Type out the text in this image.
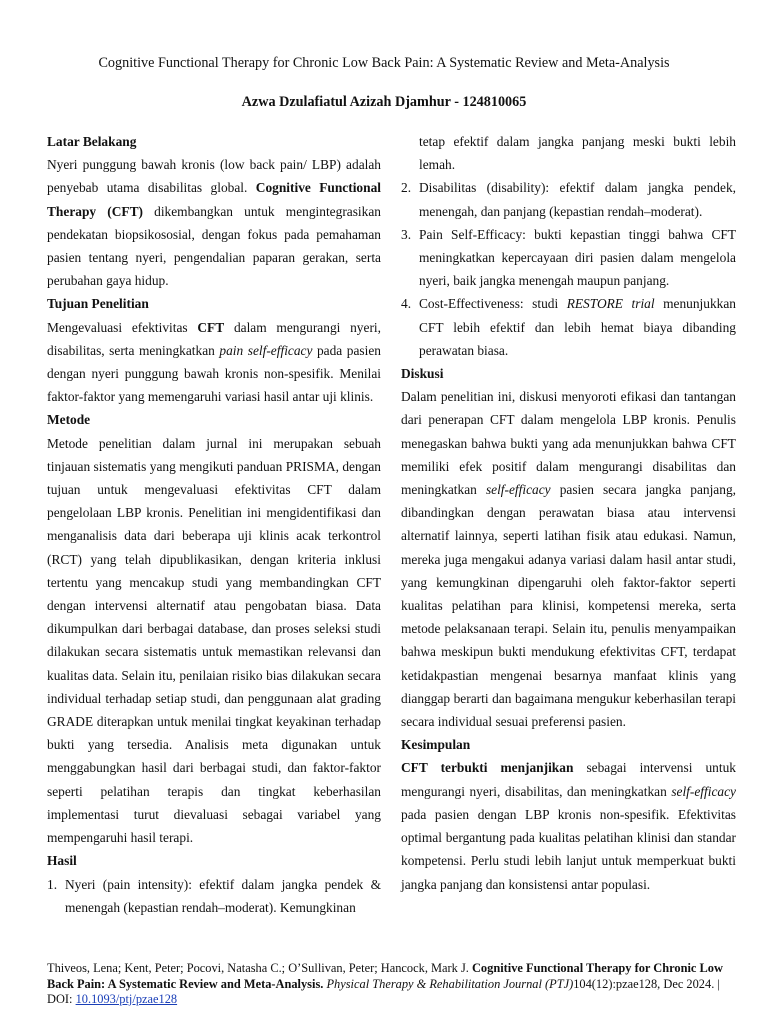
Cognitive Functional Therapy for Chronic Low Back Pain: A Systematic Review and Meta-Analysis
Azwa Dzulafiatul Azizah Djamhur - 124810065
Latar Belakang

Nyeri punggung bawah kronis (low back pain/ LBP) adalah penyebab utama disabilitas global. Cognitive Functional Therapy (CFT) dikembangkan untuk mengintegrasikan pendekatan biopsikososial, dengan fokus pada pemahaman pasien tentang nyeri, pengendalian paparan gerakan, serta perubahan gaya hidup.

Tujuan Penelitian

Mengevaluasi efektivitas CFT dalam mengurangi nyeri, disabilitas, serta meningkatkan pain self-efficacy pada pasien dengan nyeri punggung bawah kronis non-spesifik. Menilai faktor-faktor yang memengaruhi variasi hasil antar uji klinis.

Metode

Metode penelitian dalam jurnal ini merupakan sebuah tinjauan sistematis yang mengikuti panduan PRISMA, dengan tujuan untuk mengevaluasi efektivitas CFT dalam pengelolaan LBP kronis. Penelitian ini mengidentifikasi dan menganalisis data dari beberapa uji klinis acak terkontrol (RCT) yang telah dipublikasikan, dengan kriteria inklusi tertentu yang mencakup studi yang membandingkan CFT dengan intervensi alternatif atau pengobatan biasa. Data dikumpulkan dari berbagai database, dan proses seleksi studi dilakukan secara sistematis untuk memastikan relevansi dan kualitas data. Selain itu, penilaian risiko bias dilakukan secara individual terhadap setiap studi, dan penggunaan alat grading GRADE diterapkan untuk menilai tingkat keyakinan terhadap bukti yang tersedia. Analisis meta digunakan untuk menggabungkan hasil dari berbagai studi, dan faktor-faktor seperti pelatihan terapis dan tingkat keberhasilan implementasi turut dievaluasi sebagai variabel yang mempengaruhi hasil terapi.

Hasil
1. Nyeri (pain intensity): efektif dalam jangka pendek & menengah (kepastian rendah–moderat). Kemungkinan

tetap efektif dalam jangka panjang meski bukti lebih lemah.

2. Disabilitas (disability): efektif dalam jangka pendek, menengah, dan panjang (kepastian rendah–moderat).
3. Pain Self-Efficacy: bukti kepastian tinggi bahwa CFT meningkatkan kepercayaan diri pasien dalam mengelola nyeri, baik jangka menengah maupun panjang.
4. Cost-Effectiveness: studi RESTORE trial menunjukkan CFT lebih efektif dan lebih hemat biaya dibanding perawatan biasa.
Diskusi

Dalam penelitian ini, diskusi menyoroti efikasi dan tantangan dari penerapan CFT dalam mengelola LBP kronis. Penulis menegaskan bahwa bukti yang ada menunjukkan bahwa CFT memiliki efek positif dalam mengurangi disabilitas dan meningkatkan self-efficacy pasien secara jangka panjang, dibandingkan dengan perawatan biasa atau intervensi alternatif lainnya, seperti latihan fisik atau edukasi. Namun, mereka juga mengakui adanya variasi dalam hasil antar studi, yang kemungkinan dipengaruhi oleh faktor-faktor seperti kualitas pelatihan para klinisi, kompetensi mereka, serta metode pelaksanaan terapi. Selain itu, penulis menyampaikan bahwa meskipun bukti mendukung efektivitas CFT, terdapat ketidakpastian mengenai besarnya manfaat klinis yang dianggap berarti dan bagaimana mengukur keberhasilan terapi secara individual sesuai preferensi pasien.

Kesimpulan

CFT terbukti menjanjikan sebagai intervensi untuk mengurangi nyeri, disabilitas, dan meningkatkan self-efficacy pada pasien dengan LBP kronis non-spesifik. Efektivitas optimal bergantung pada kualitas pelatihan klinisi dan standar kompetensi. Perlu studi lebih lanjut untuk memperkuat bukti jangka panjang dan konsistensi antar populasi.

Thiveos, Lena; Kent, Peter; Pocovi, Natasha C.; O’Sullivan, Peter; Hancock, Mark J. Cognitive Functional Therapy for Chronic Low Back Pain: A Systematic Review and Meta-Analysis. Physical Therapy & Rehabilitation Journal (PTJ)104(12):pzae128, Dec 2024. | DOI: 10.1093/ptj/pzae128
